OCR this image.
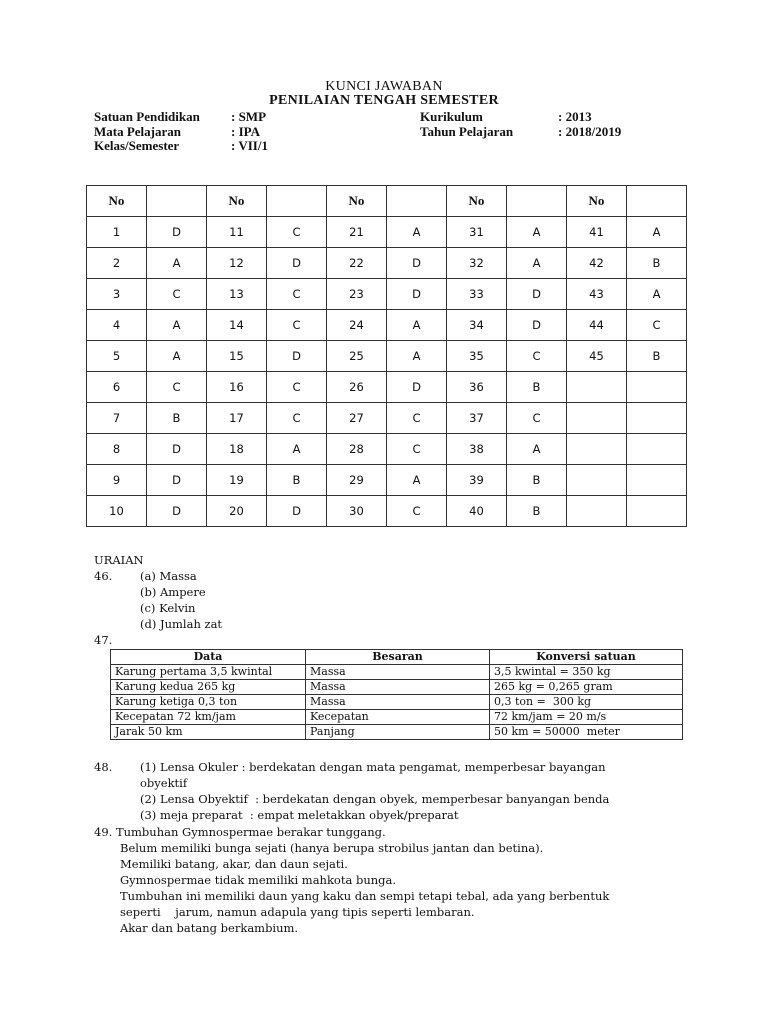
KUNCI JAWABAN
PENILAIAN TENGAH SEMESTER
Satuan Pendidikan : SMP	Kurikulum	: 2013
Mata Pelajaran	: IPA	Tahun Pelajaran	: 2018/2019
Kelas/Semester	: VII/1
No		No		No		No		No	
1	D	11	C	21	A	31	A	41	A
2	A	12	D	22	D	32	A	42	B
3	C	13	C	23	D	33	D	43	A
4	A	14	C	24	A	34	D	44	C
5	A	15	D	25	A	35	C	45	B
6	C	16	C	26	D	36	B		
7	B	17	C	27	C	37	C		
8	D	18	A	28	C	38	A		
9	D	19	B	29	A	39	B		
10	D	20	D	30	C	40	B		
URAIAN
46. (a) Massa
(b) Ampere
(c) Kelvin
(d) Jumlah zat
47.
Data	Besaran	Konversi satuan
Karung pertama 3,5 kwintal	Massa	3,5 kwintal = 350 kg
Karung kedua 265 kg	Massa	265 kg = 0,265 gram
Karung ketiga 0,3 ton	Massa	0,3 ton =  300 kg
Kecepatan 72 km/jam	Kecepatan	72 km/jam = 20 m/s
Jarak 50 km	Panjang	50 km = 50000  meter
48. (1) Lensa Okuler : berdekatan dengan mata pengamat, memperbesar bayangan
obyektif
(2) Lensa Obyektif  : berdekatan dengan obyek, memperbesar banyangan benda
(3) meja preparat  : empat meletakkan obyek/preparat
49. Tumbuhan Gymnospermae berakar tunggang.
Belum memiliki bunga sejati (hanya berupa strobilus jantan dan betina).
Memiliki batang, akar, dan daun sejati.
Gymnospermae tidak memiliki mahkota bunga.
Tumbuhan ini memiliki daun yang kaku dan sempi tetapi tebal, ada yang berbentuk
seperti    jarum, namun adapula yang tipis seperti lembaran.
Akar dan batang berkambium.
